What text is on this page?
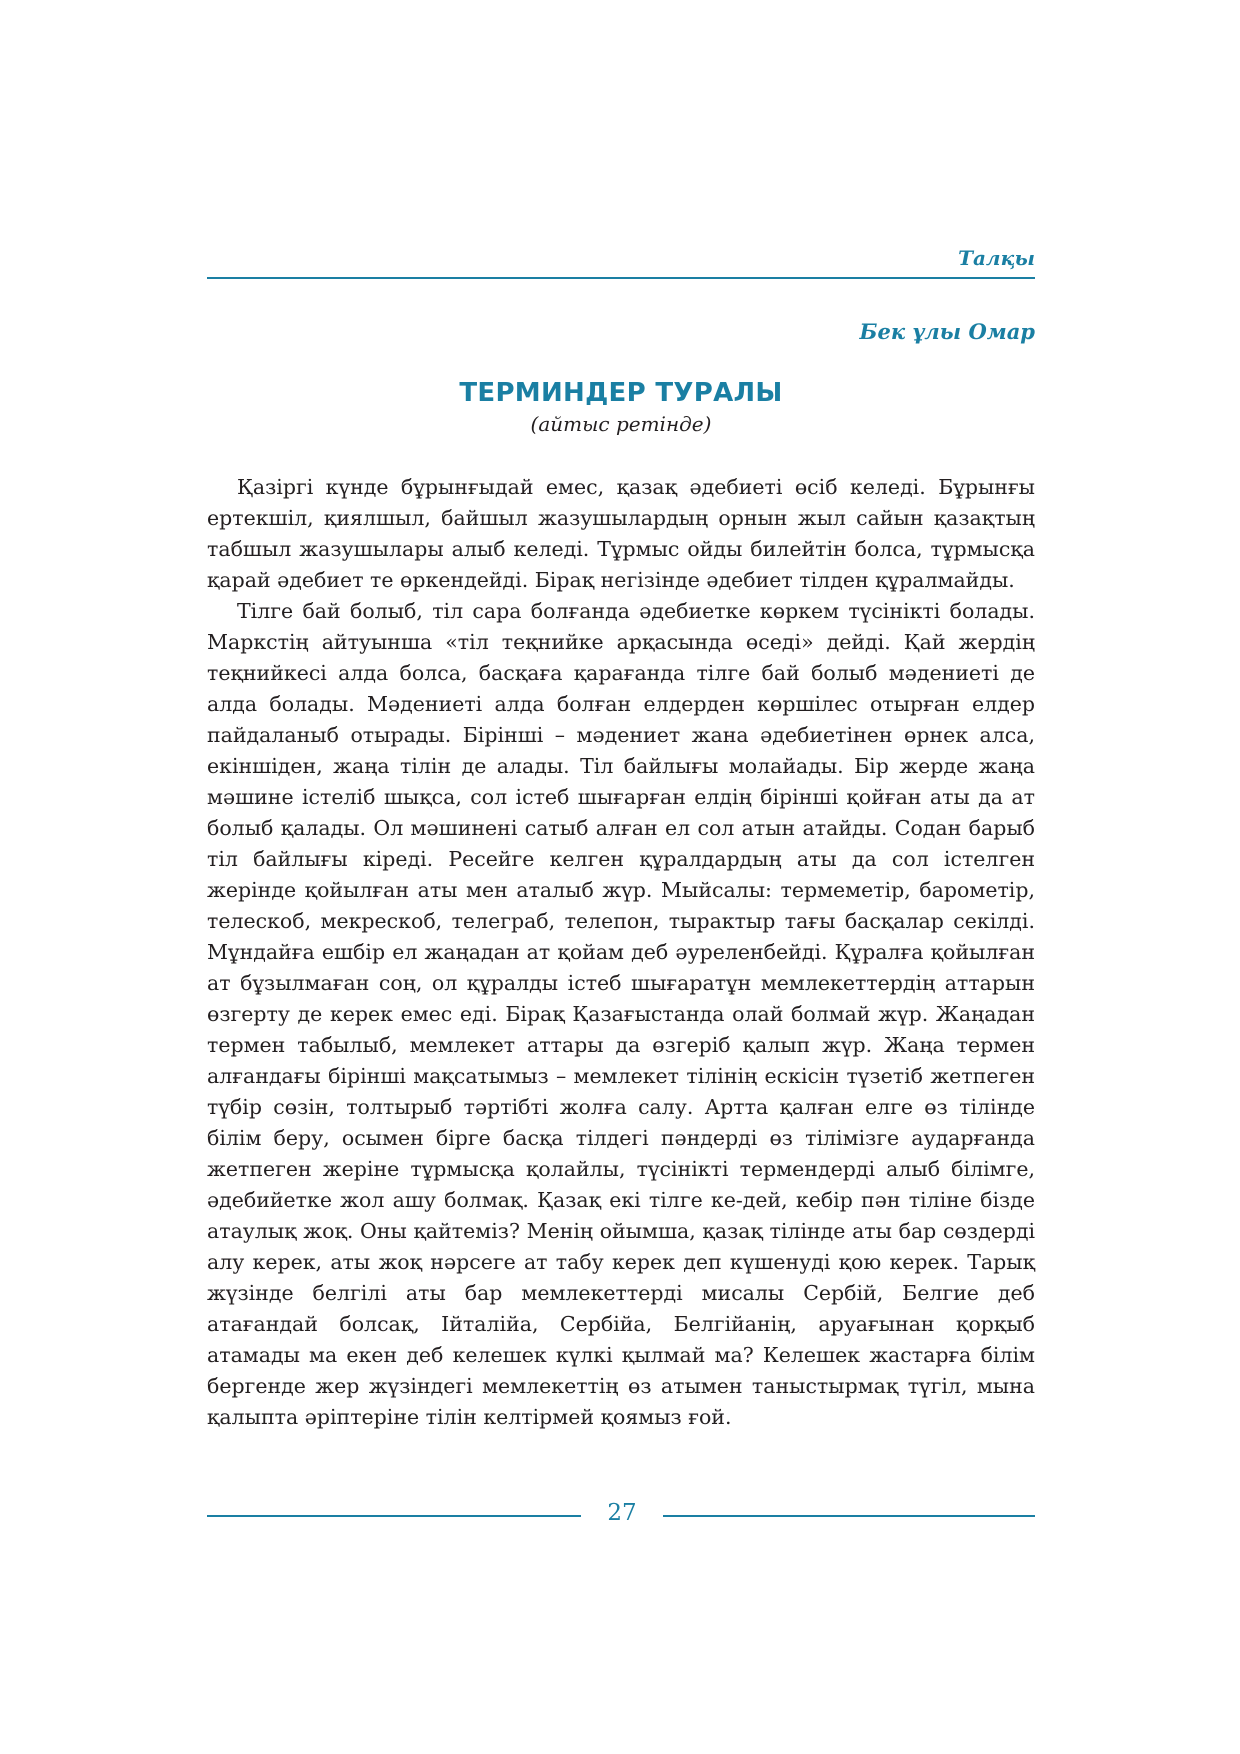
Талқы

Бек ұлы Омар

ТЕРМИНДЕР ТУРАЛЫ

(айтыс ретінде)

Қазіргі күнде бұрынғыдай емес, қазақ әдебиеті өсіб келеді. Бұрынғы ертекшіл, қиялшыл, байшыл жазушылардың орнын жыл сайын қазақтың табшыл жазушылары алыб келеді. Тұрмыс ойды билейтін болса, тұрмысқа қарай әдебиет те өркендейді. Бірақ негізінде әдебиет тілден құралмайды.

Тілге бай болыб, тіл сара болғанда әдебиетке көркем түсінікті болады. Маркстің айтуынша «тіл теқнийке арқасында өседі» дейді. Қай жердің теқнийкесі алда болса, басқаға қарағанда тілге бай болыб мәдениеті де алда болады. Мәдениеті алда болған елдерден көршілес отырған елдер пайдаланыб отырады. Бірінші – мәдениет жана әдебиетінен өрнек алса, екіншіден, жаңа тілін де алады. Тіл байлығы молайады. Бір жерде жаңа мәшине істеліб шықса, сол істеб шығарған елдің бірінші қойған аты да ат болыб қалады. Ол мәшиненi сатыб алған ел сол атын атайды. Содан барыб тіл байлығы кіреді. Ресейге келген құралдардың аты да сол істелген жерінде қойылған аты мен аталыб жүр. Мыйсалы: термеметір, барометір, телескоб, мекрескоб, телеграб, телепон, тырактыр тағы басқалар секілді. Мұндайға ешбір ел жаңадан ат қойам деб әуреленбейді. Құралға қойылған ат бұзылмаған соң, ол құралды істеб шығаратұн мемлекеттердің аттарын өзгерту де керек емес еді. Бірақ Қазағыстанда олай болмай жүр. Жаңадан термен табылыб, мемлекет аттары да өзгеріб қалып жүр. Жаңа термен алғандағы бірінші мақсатымыз – мемлекет тілінің ескісін түзетіб жетпеген түбір сөзін, толтырыб тәртібті жолға салу. Артта қалған елге өз тілінде білім беру, осымен бірге басқа тілдегі пәндерді өз тілімізге аударғанда жетпеген жеріне тұрмысқа қолайлы, түсінікті термендерді алыб білімге, әдебийетке жол ашу болмақ. Қазақ екі тілге ке-дей, кебір пән тіліне бізде атаулық жоқ. Оны қайтеміз? Менің ойымша, қазақ тілінде аты бар сөздерді алу керек, аты жоқ нәрсеге ат табу керек деп күшенуді қою керек. Тарық жүзінде белгілі аты бар мемлекеттерді мисалы Сербій, Белгие деб атағандай болсақ, Ійталійа, Сербійа, Белгійанің, аруағынан қорқыб атамады ма екен деб келешек күлкі қылмай ма? Келешек жастарға білім бергенде жер жүзіндегі мемлекеттің өз атымен таныстырмақ түгіл, мына қалыпта әріптеріне тілін келтірмей қоямыз ғой.

27
